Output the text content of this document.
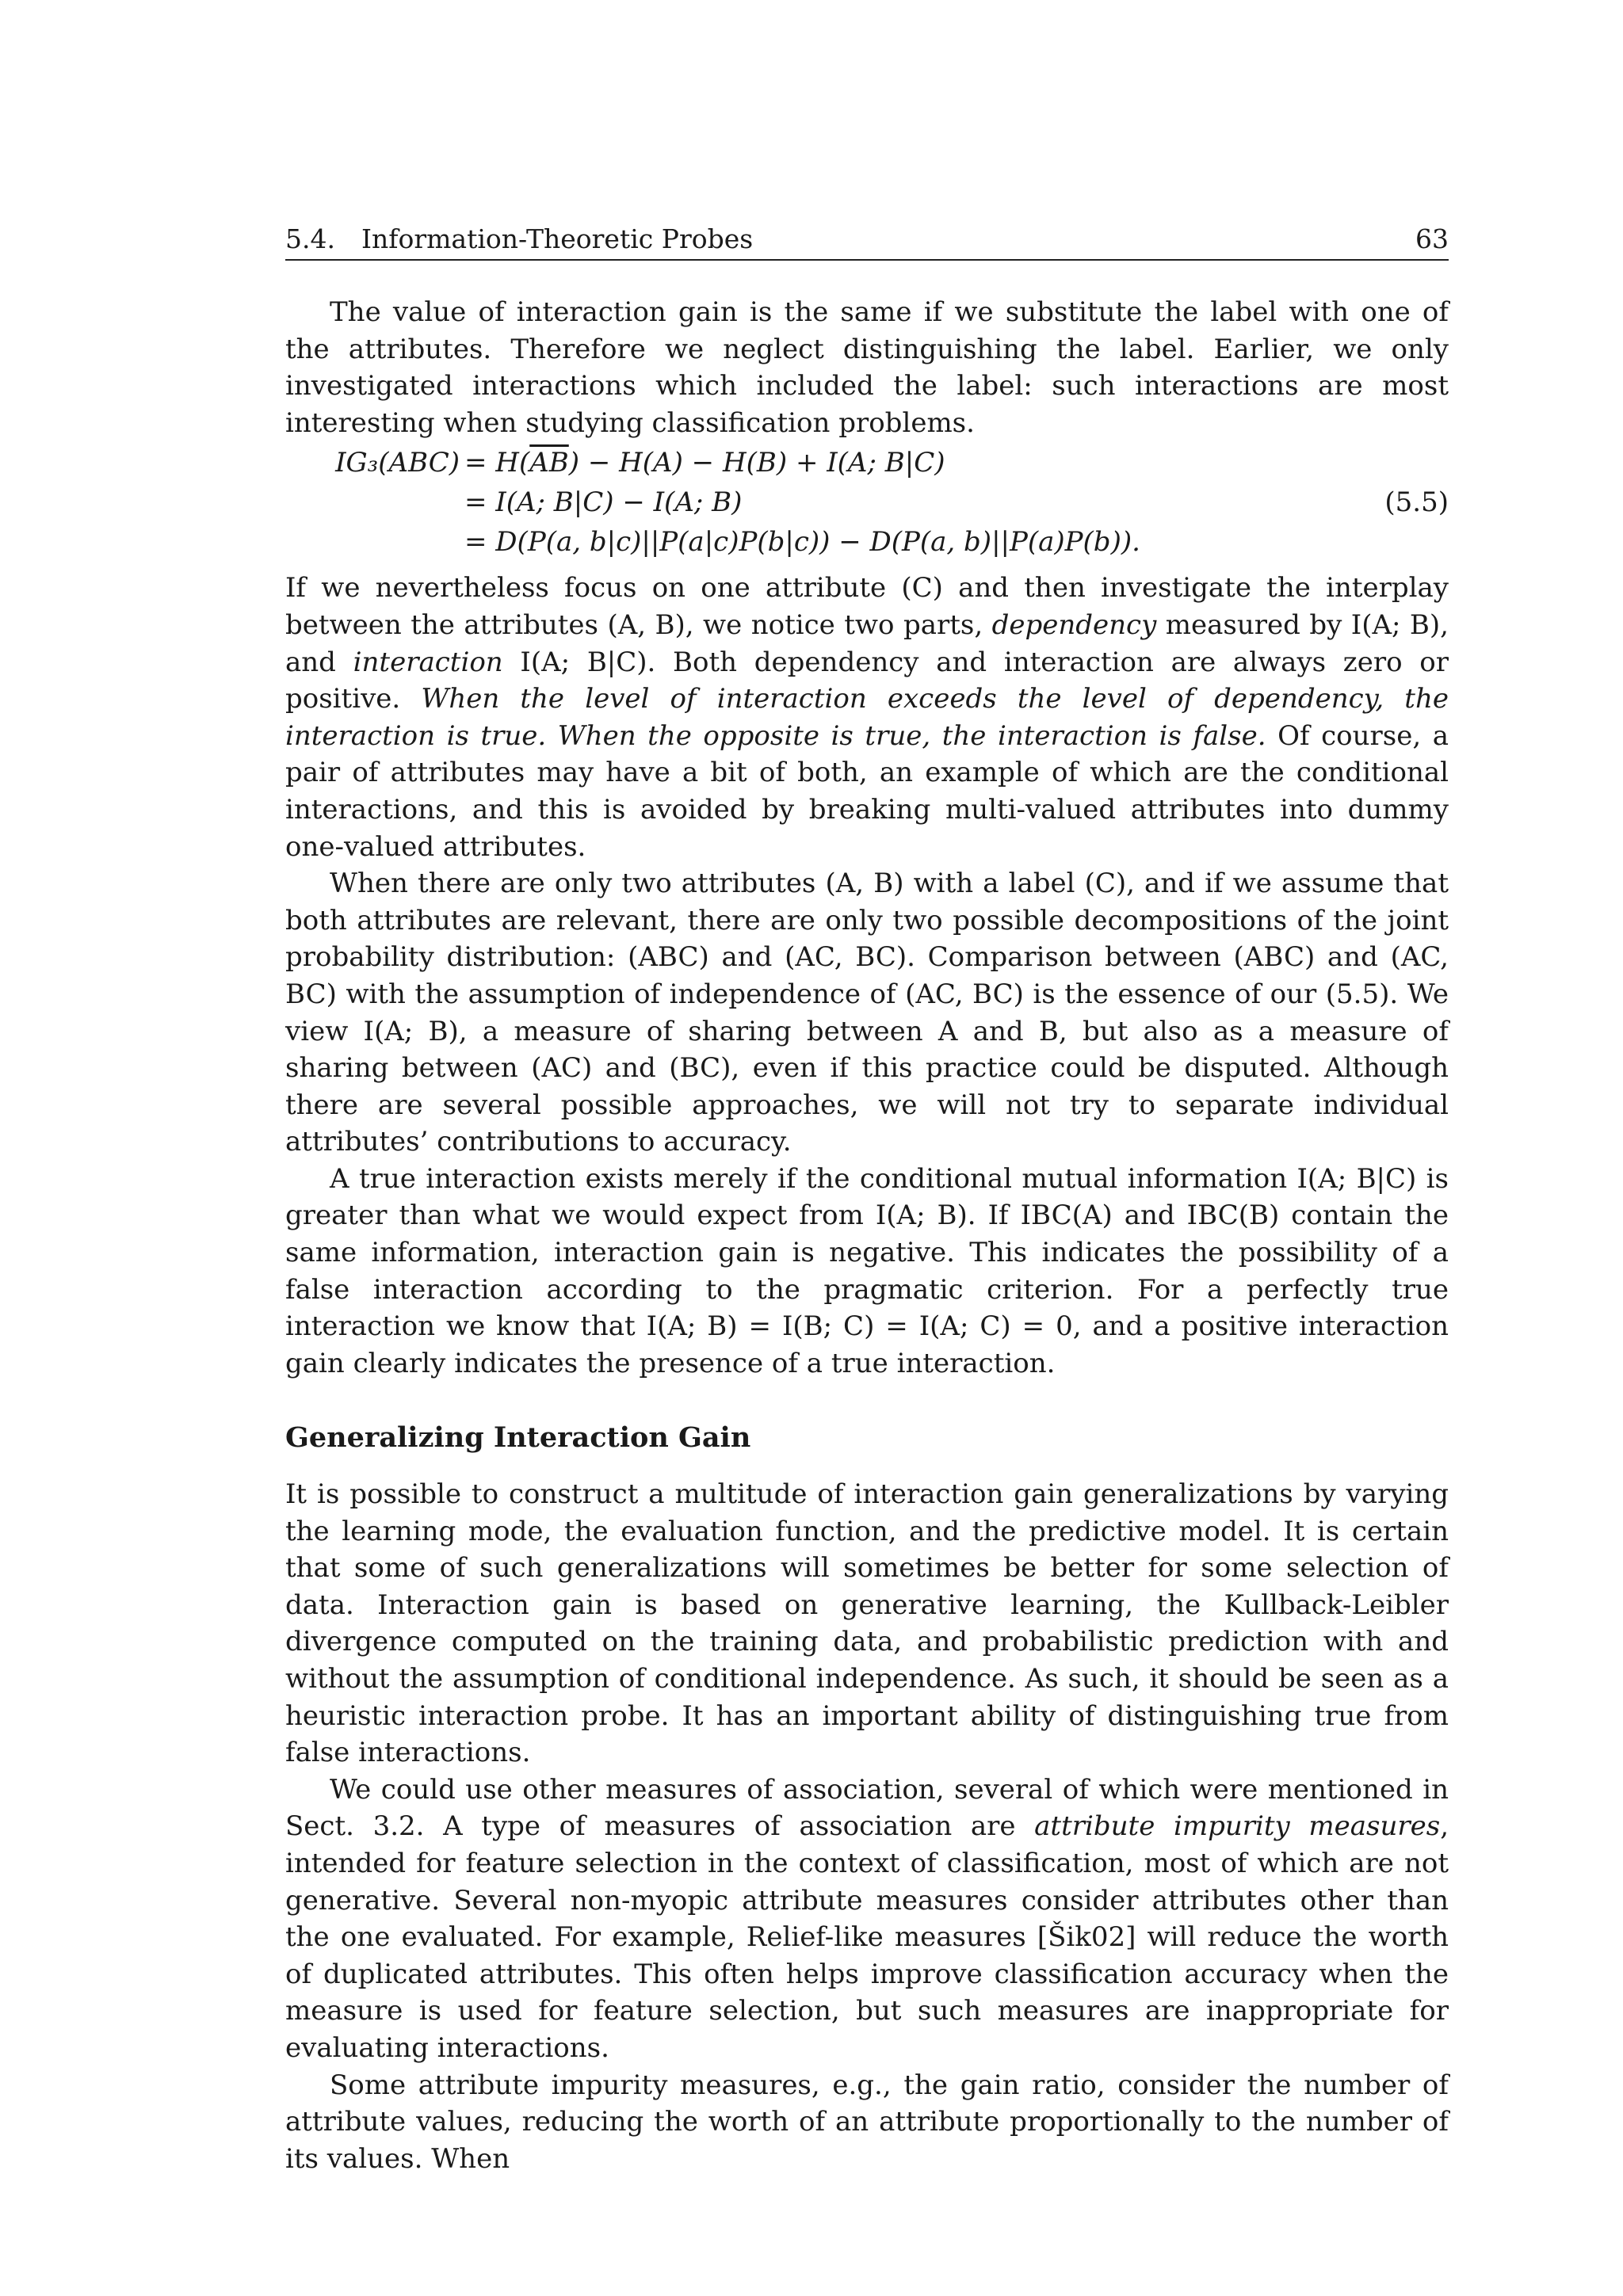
5.4. Information-Theoretic Probes	63

The value of interaction gain is the same if we substitute the label with one of the attributes. Therefore we neglect distinguishing the label. Earlier, we only investigated interactions which included the label: such interactions are most interesting when studying classification problems.

$IG_3(ABC) = H(\overline{AB}) - H(A) - H(B) + I(A$; B|C)
= I(A; B|C) − I(A; B)	(5.5)
= D(P(a, b|c)||P(a|c)P(b|c)) − D(P(a, b)||P(a)P(b)).

If we nevertheless focus on one attribute (C) and then investigate the interplay between the attributes (A, B), we notice two parts, dependency measured by I(A; B), and interaction I(A; B|C). Both dependency and interaction are always zero or positive. When the level of interaction exceeds the level of dependency, the interaction is true. When the opposite is true, the interaction is false. Of course, a pair of attributes may have a bit of both, an example of which are the conditional interactions, and this is avoided by breaking multi-valued attributes into dummy one-valued attributes.

When there are only two attributes (A, B) with a label (C), and if we assume that both attributes are relevant, there are only two possible decompositions of the joint probability distribution: (ABC) and (AC, BC). Comparison between (ABC) and (AC, BC) with the assumption of independence of (AC, BC) is the essence of our (5.5). We view I(A; B), a measure of sharing between A and B, but also as a measure of sharing between (AC) and (BC), even if this practice could be disputed. Although there are several possible approaches, we will not try to separate individual attributes’ contributions to accuracy.

A true interaction exists merely if the conditional mutual information I(A; B|C) is greater than what we would expect from I(A; B). If IBC(A) and IBC(B) contain the same information, interaction gain is negative. This indicates the possibility of a false interaction according to the pragmatic criterion. For a perfectly true interaction we know that I(A; B) = I(B; C) = I(A; C) = 0, and a positive interaction gain clearly indicates the presence of a true interaction.

Generalizing Interaction Gain

It is possible to construct a multitude of interaction gain generalizations by varying the learning mode, the evaluation function, and the predictive model. It is certain that some of such generalizations will sometimes be better for some selection of data. Interaction gain is based on generative learning, the Kullback-Leibler divergence computed on the training data, and probabilistic prediction with and without the assumption of conditional independence. As such, it should be seen as a heuristic interaction probe. It has an important ability of distinguishing true from false interactions.

We could use other measures of association, several of which were mentioned in Sect. 3.2. A type of measures of association are attribute impurity measures, intended for feature selection in the context of classification, most of which are not generative. Several non-myopic attribute measures consider attributes other than the one evaluated. For example, Relief-like measures [Šik02] will reduce the worth of duplicated attributes. This often helps improve classification accuracy when the measure is used for feature selection, but such measures are inappropriate for evaluating interactions.

Some attribute impurity measures, e.g., the gain ratio, consider the number of attribute values, reducing the worth of an attribute proportionally to the number of its values. When
